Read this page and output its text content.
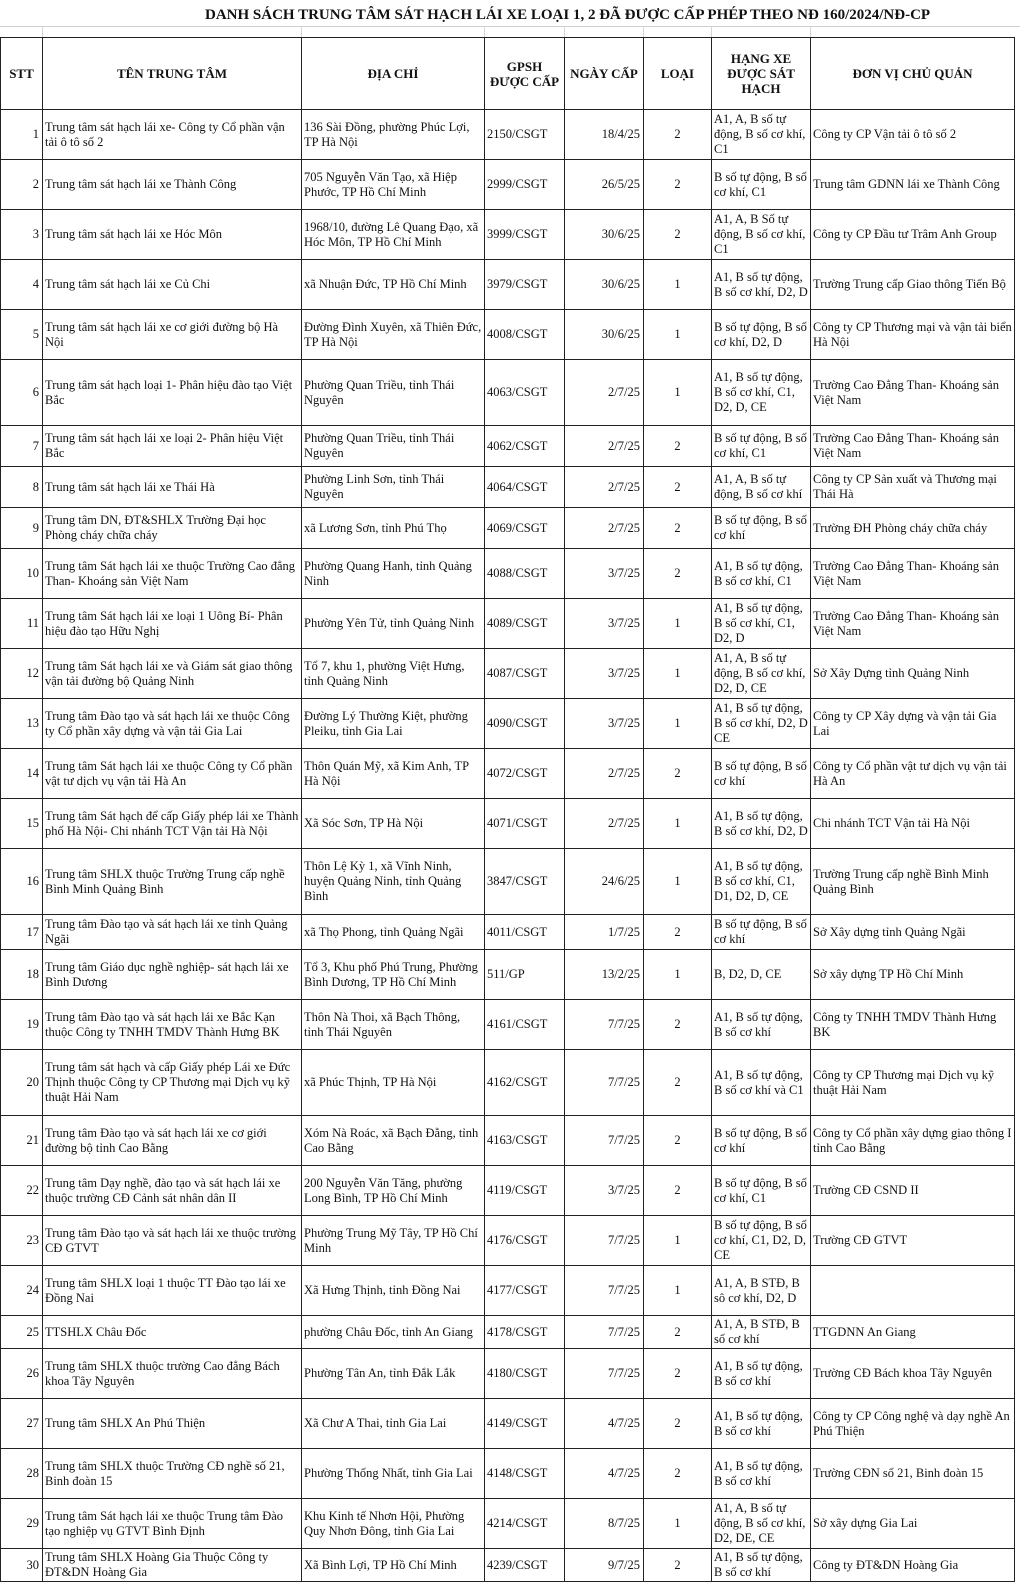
DANH SÁCH TRUNG TÂM SÁT HẠCH LÁI XE LOẠI 1, 2 ĐÃ ĐƯỢC CẤP PHÉP THEO NĐ 160/2024/NĐ-CP
STT	TÊN TRUNG TÂM	ĐỊA CHỈ	GPSH ĐƯỢC CẤP	NGÀY CẤP	LOẠI	HẠNG XE ĐƯỢC SÁT HẠCH	ĐƠN VỊ CHỦ QUẢN
1	Trung tâm sát hạch lái xe- Công ty Cổ phần vận tải ô tô số 2	136 Sài Đồng, phường Phúc Lợi, TP Hà Nội	2150/CSGT	18/4/25	2	A1, A, B số tự động, B số cơ khí, C1	Công ty CP Vận tải ô tô số 2
2	Trung tâm sát hạch lái xe Thành Công	705 Nguyễn Văn Tạo, xã Hiệp Phước, TP Hồ Chí Minh	2999/CSGT	26/5/25	2	B số tự động, B số cơ khí, C1	Trung tâm GDNN lái xe Thành Công
3	Trung tâm sát hạch lái xe Hóc Môn	1968/10, đường Lê Quang Đạo, xã Hóc Môn, TP Hồ Chí Minh	3999/CSGT	30/6/25	2	A1, A, B Số tự động, B số cơ khí, C1	Công ty CP Đầu tư Trâm Anh Group
4	Trung tâm sát hạch lái xe Củ Chi	xã Nhuận Đức, TP Hồ Chí Minh	3979/CSGT	30/6/25	1	A1, B số tự động, B số cơ khí, D2, D	Trường Trung cấp Giao thông Tiến Bộ
5	Trung tâm sát hạch lái xe cơ giới đường bộ Hà Nội	Đường Đình Xuyên, xã Thiên Đức, TP Hà Nội	4008/CSGT	30/6/25	1	B số tự động, B số cơ khí, D2, D	Công ty CP Thương mại và vận tải biển Hà Nội
6	Trung tâm sát hạch loại 1- Phân hiệu đào tạo Việt Bắc	Phường Quan Triều, tỉnh Thái Nguyên	4063/CSGT	2/7/25	1	A1, B số tự động, B số cơ khí, C1, D2, D, CE	Trường Cao Đẳng Than- Khoáng sản Việt Nam
7	Trung tâm sát hạch lái xe loại 2- Phân hiệu Việt Bắc	Phường Quan Triều, tỉnh Thái Nguyên	4062/CSGT	2/7/25	2	B số tự động, B số cơ khí, C1	Trường Cao Đẳng Than- Khoáng sản Việt Nam
8	Trung tâm sát hạch lái xe Thái Hà	Phường Linh Sơn, tỉnh Thái Nguyên	4064/CSGT	2/7/25	2	A1, A, B số tự động, B số cơ khí	Công ty CP Sản xuất và Thương mại Thái Hà
9	Trung tâm DN, ĐT&SHLX Trường Đại học Phòng cháy chữa cháy	xã Lương Sơn, tỉnh Phú Thọ	4069/CSGT	2/7/25	2	B số tự động, B số cơ khí	Trường ĐH Phòng cháy chữa cháy
10	Trung tâm Sát hạch lái xe thuộc Trường Cao đẳng Than- Khoáng sản Việt Nam	Phường Quang Hanh, tỉnh Quảng Ninh	4088/CSGT	3/7/25	2	A1, B số tự động, B số cơ khí, C1	Trường Cao Đẳng Than- Khoáng sản Việt Nam
11	Trung tâm Sát hạch lái xe loại 1 Uông Bí- Phân hiệu đào tạo Hữu Nghị	Phường Yên Tử, tỉnh Quảng Ninh	4089/CSGT	3/7/25	1	A1, B số tự động, B số cơ khí, C1, D2, D	Trường Cao Đẳng Than- Khoáng sản Việt Nam
12	Trung tâm Sát hạch lái xe và Giám sát giao thông vận tải đường bộ Quảng Ninh	Tổ 7, khu 1, phường Việt Hưng, tỉnh Quảng Ninh	4087/CSGT	3/7/25	1	A1, A, B số tự động, B số cơ khí, D2, D, CE	Sở Xây Dựng tỉnh Quảng Ninh
13	Trung tâm Đào tạo và sát hạch lái xe thuộc Công ty Cổ phần xây dựng và vận tải Gia Lai	Đường Lý Thường Kiệt, phường Pleiku, tỉnh Gia Lai	4090/CSGT	3/7/25	1	A1, B số tự động, B số cơ khí, D2, D CE	Công ty CP Xây dựng và vận tải Gia Lai
14	Trung tâm Sát hạch lái xe thuộc Công ty Cổ phần vật tư dịch vụ vận tải Hà An	Thôn Quán Mỹ, xã Kim Anh, TP Hà Nội	4072/CSGT	2/7/25	2	B số tự động, B số cơ khí	Công ty Cổ phần vật tư dịch vụ vận tải Hà An
15	Trung tâm Sát hạch để cấp Giấy phép lái xe Thành phố Hà Nội- Chi nhánh TCT Vận tải Hà Nội	Xã Sóc Sơn, TP Hà Nội	4071/CSGT	2/7/25	1	A1, B số tự động, B số cơ khí, D2, D	Chi nhánh TCT Vận tải Hà Nội
16	Trung tâm SHLX thuộc Trường Trung cấp nghề Bình Minh Quảng Bình	Thôn Lệ Kỳ 1, xã Vĩnh Ninh, huyện Quảng Ninh, tỉnh Quảng Bình	3847/CSGT	24/6/25	1	A1, B số tự động, B số cơ khí, C1, D1, D2, D, CE	Trường Trung cấp nghề Bình Minh Quảng Bình
17	Trung tâm Đào tạo và sát hạch lái xe tỉnh Quảng Ngãi	xã Thọ Phong, tỉnh Quảng Ngãi	4011/CSGT	1/7/25	2	B số tự động, B số cơ khí	Sở Xây dựng tỉnh Quảng Ngãi
18	Trung tâm Giáo dục nghề nghiệp- sát hạch lái xe Bình Dương	Tổ 3, Khu phố Phú Trung, Phường Bình Dương, TP Hồ Chí Minh	511/GP	13/2/25	1	B, D2, D, CE	Sở xây dựng TP Hồ Chí Minh
19	Trung tâm Đào tạo và sát hạch lái xe Bắc Kạn thuộc Công ty TNHH TMDV Thành Hưng BK	Thôn Nà Thoi, xã Bạch Thông, tỉnh Thái Nguyên	4161/CSGT	7/7/25	2	A1, B số tự động, B số cơ khí	Công ty TNHH TMDV Thành Hưng BK
20	Trung tâm sát hạch và cấp Giấy phép Lái xe Đức Thịnh thuộc Công ty CP Thương mại Dịch vụ kỹ thuật Hải Nam	xã Phúc Thịnh, TP Hà Nội	4162/CSGT	7/7/25	2	A1, B số tự động, B số cơ khí và C1	Công ty CP Thương mại Dịch vụ kỹ thuật Hải Nam
21	Trung tâm Đào tạo và sát hạch lái xe cơ giới đường bộ tỉnh Cao Bằng	Xóm Nà Roác, xã Bạch Đằng, tỉnh Cao Bằng	4163/CSGT	7/7/25	2	B số tự động, B số cơ khí	Công ty Cổ phần xây dựng giao thông I tỉnh Cao Bằng
22	Trung tâm Dạy nghề, đào tạo và sát hạch lái xe thuộc trường CĐ Cảnh sát nhân dân II	200 Nguyễn Văn Tăng, phường Long Bình, TP Hồ Chí Minh	4119/CSGT	3/7/25	2	B số tự động, B số cơ khí, C1	Trường CĐ CSND II
23	Trung tâm Đào tạo và sát hạch lái xe thuộc trường CĐ GTVT	Phường Trung Mỹ Tây, TP Hồ Chí Minh	4176/CSGT	7/7/25	1	B số tự động, B số cơ khí, C1, D2, D, CE	Trường CĐ GTVT
24	Trung tâm SHLX loại 1 thuộc TT Đào tạo lái xe Đồng Nai	Xã Hưng Thịnh, tỉnh Đồng Nai	4177/CSGT	7/7/25	1	A1, A, B STĐ, B sô cơ khí, D2, D	
25	TTSHLX Châu Đốc	phường Châu Đốc, tỉnh An Giang	4178/CSGT	7/7/25	2	A1, A, B STĐ, B số cơ khí	TTGDNN An Giang
26	Trung tâm SHLX thuộc trường Cao đẳng Bách khoa Tây Nguyên	Phường Tân An, tỉnh Đắk Lắk	4180/CSGT	7/7/25	2	A1, B số tự động, B số cơ khí	Trường CĐ Bách khoa Tây Nguyên
27	Trung tâm SHLX An Phú Thiện	Xã Chư A Thai, tỉnh Gia Lai	4149/CSGT	4/7/25	2	A1, B số tự động, B số cơ khí	Công ty CP Công nghệ và dạy nghề An Phú Thiện
28	Trung tâm SHLX thuộc Trường CĐ nghề số 21, Binh đoàn 15	Phường Thống Nhất, tỉnh Gia Lai	4148/CSGT	4/7/25	2	A1, B số tự động, B số cơ khí	Trường CĐN số 21, Binh đoàn 15
29	Trung tâm Sát hạch lái xe thuộc Trung tâm Đào tạo nghiệp vụ GTVT Bình Định	Khu Kinh tế Nhơn Hội, Phường Quy Nhơn Đông, tỉnh Gia Lai	4214/CSGT	8/7/25	1	A1, A, B số tự động, B số cơ khí, D2, DE, CE	Sở xây dựng Gia Lai
30	Trung tâm SHLX Hoàng Gia Thuộc Công ty ĐT&DN Hoàng Gia	Xã Bình Lợi, TP Hồ Chí Minh	4239/CSGT	9/7/25	2	A1, B số tự động, B số cơ khí	Công ty ĐT&DN Hoàng Gia
